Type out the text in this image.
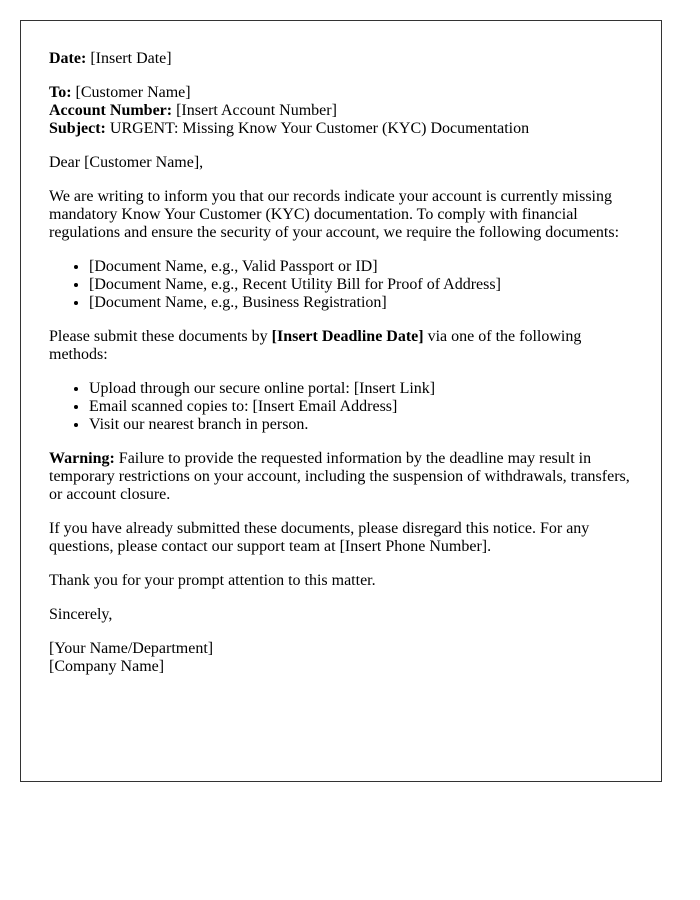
Date: [Insert Date]

To: [Customer Name]
Account Number: [Insert Account Number]
Subject: URGENT: Missing Know Your Customer (KYC) Documentation

Dear [Customer Name],

We are writing to inform you that our records indicate your account is currently missing mandatory Know Your Customer (KYC) documentation. To comply with financial regulations and ensure the security of your account, we require the following documents:

• [Document Name, e.g., Valid Passport or ID]
• [Document Name, e.g., Recent Utility Bill for Proof of Address]
• [Document Name, e.g., Business Registration]

Please submit these documents by [Insert Deadline Date] via one of the following methods:

• Upload through our secure online portal: [Insert Link]
• Email scanned copies to: [Insert Email Address]
• Visit our nearest branch in person.

Warning: Failure to provide the requested information by the deadline may result in temporary restrictions on your account, including the suspension of withdrawals, transfers, or account closure.

If you have already submitted these documents, please disregard this notice. For any questions, please contact our support team at [Insert Phone Number].

Thank you for your prompt attention to this matter.

Sincerely,

[Your Name/Department]
[Company Name]
